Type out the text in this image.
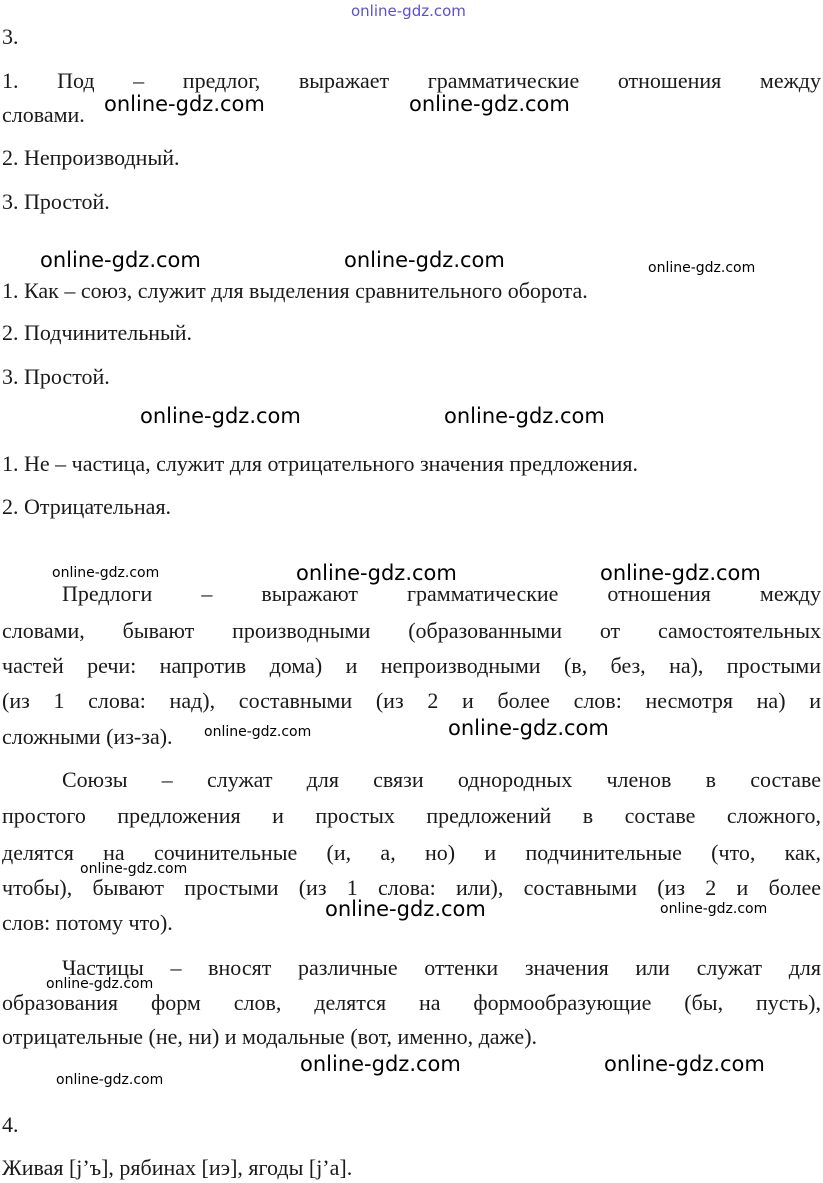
online-gdz.com
3.
1. Под – предлог, выражает грамматические отношения между
словами. online-gdz.com	online-gdz.com
2. Непроизводный.
3. Простой.
online-gdz.com	online-gdz.com	online-gdz.com
1. Как – союз, служит для выделения сравнительного оборота.
2. Подчинительный.
3. Простой.
online-gdz.com	online-gdz.com
1. Не – частица, служит для отрицательного значения предложения.
2. Отрицательная.
online-gdz.com	online-gdz.com	online-gdz.com
Предлоги – выражают грамматические отношения между
словами, бывают производными (образованными от самостоятельных
частей речи: напротив дома) и непроизводными (в, без, на), простыми
(из 1 слова: над), составными (из 2 и более слов: несмотря на) и
сложными (из-за).	online-gdz.com	online-gdz.com
Союзы – служат для связи однородных членов в составе
простого предложения и простых предложений в составе сложного,
делятся на сочинительные (и, а, но) и подчинительные (что, как,
online-gdz.com
чтобы), бывают простыми (из 1 слова: или), составными (из 2 и более
online-gdz.com	online-gdz.com
слов: потому что).
Частицы – вносят различные оттенки значения или служат для
online-gdz.com
образования форм слов, делятся на формообразующие (бы, пусть),
отрицательные (не, ни) и модальные (вот, именно, даже).
online-gdz.com	online-gdz.com
online-gdz.com
4.
Живая [j’ъ], рябинах [иэ], ягоды [j’а].
